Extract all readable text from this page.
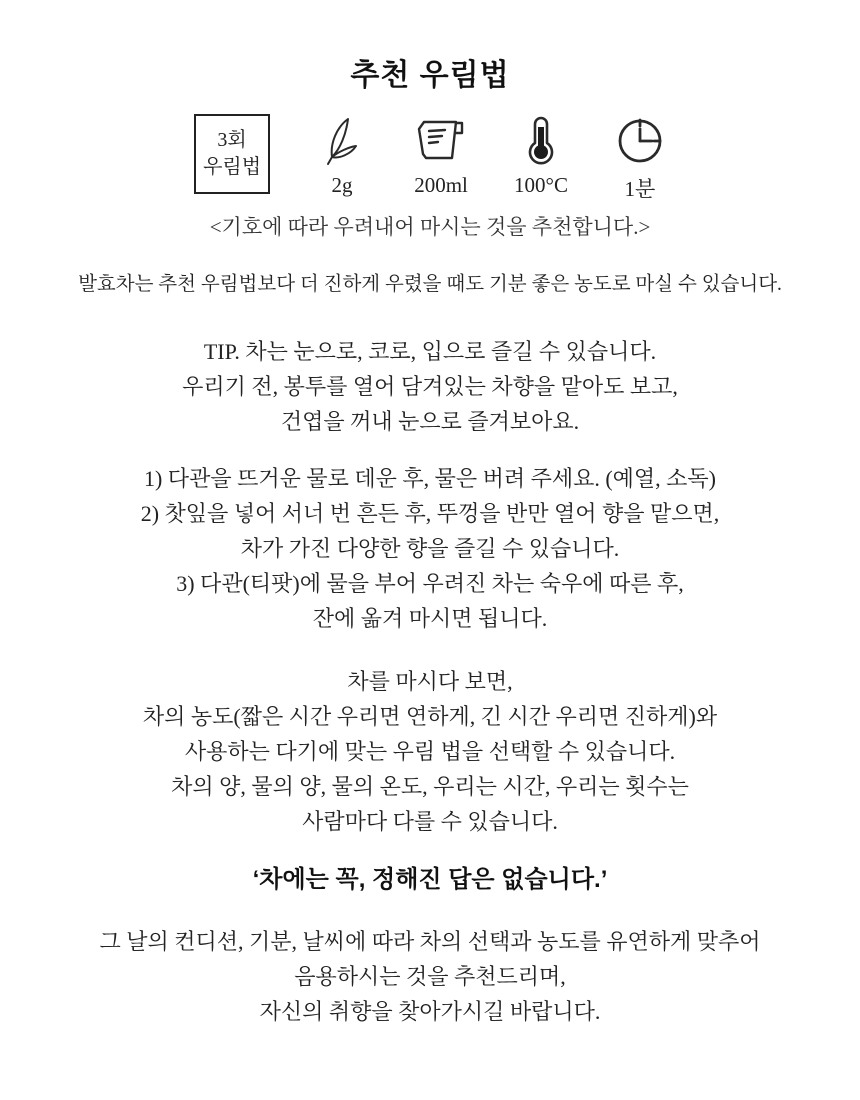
추천 우림법
3회
우림법
2g	200ml 100°C	1분

<기호에 따라 우려내어 마시는 것을 추천합니다.>

발효차는 추천 우림법보다 더 진하게 우렸을 때도 기분 좋은 농도로 마실 수 있습니다.

TIP. 차는 눈으로, 코로, 입으로 즐길 수 있습니다.
우리기 전, 봉투를 열어 담겨있는 차향을 맡아도 보고,
건엽을 꺼내 눈으로 즐겨보아요.
1) 다관을 뜨거운 물로 데운 후, 물은 버려 주세요. (예열, 소독)
2) 찻잎을 넣어 서너 번 흔든 후, 뚜껑을 반만 열어 향을 맡으면,
차가 가진 다양한 향을 즐길 수 있습니다.
3) 다관(티팟)에 물을 부어 우려진 차는 숙우에 따른 후,
잔에 옮겨 마시면 됩니다.
차를 마시다 보면,
차의 농도(짧은 시간 우리면 연하게, 긴 시간 우리면 진하게)와
사용하는 다기에 맞는 우림 법을 선택할 수 있습니다.
차의 양, 물의 양, 물의 온도, 우리는 시간, 우리는 횟수는
사람마다 다를 수 있습니다.
‘차에는 꼭, 정해진 답은 없습니다.’
그 날의 컨디션, 기분, 날씨에 따라 차의 선택과 농도를 유연하게 맞추어
음용하시는 것을 추천드리며,
자신의 취향을 찾아가시길 바랍니다.
